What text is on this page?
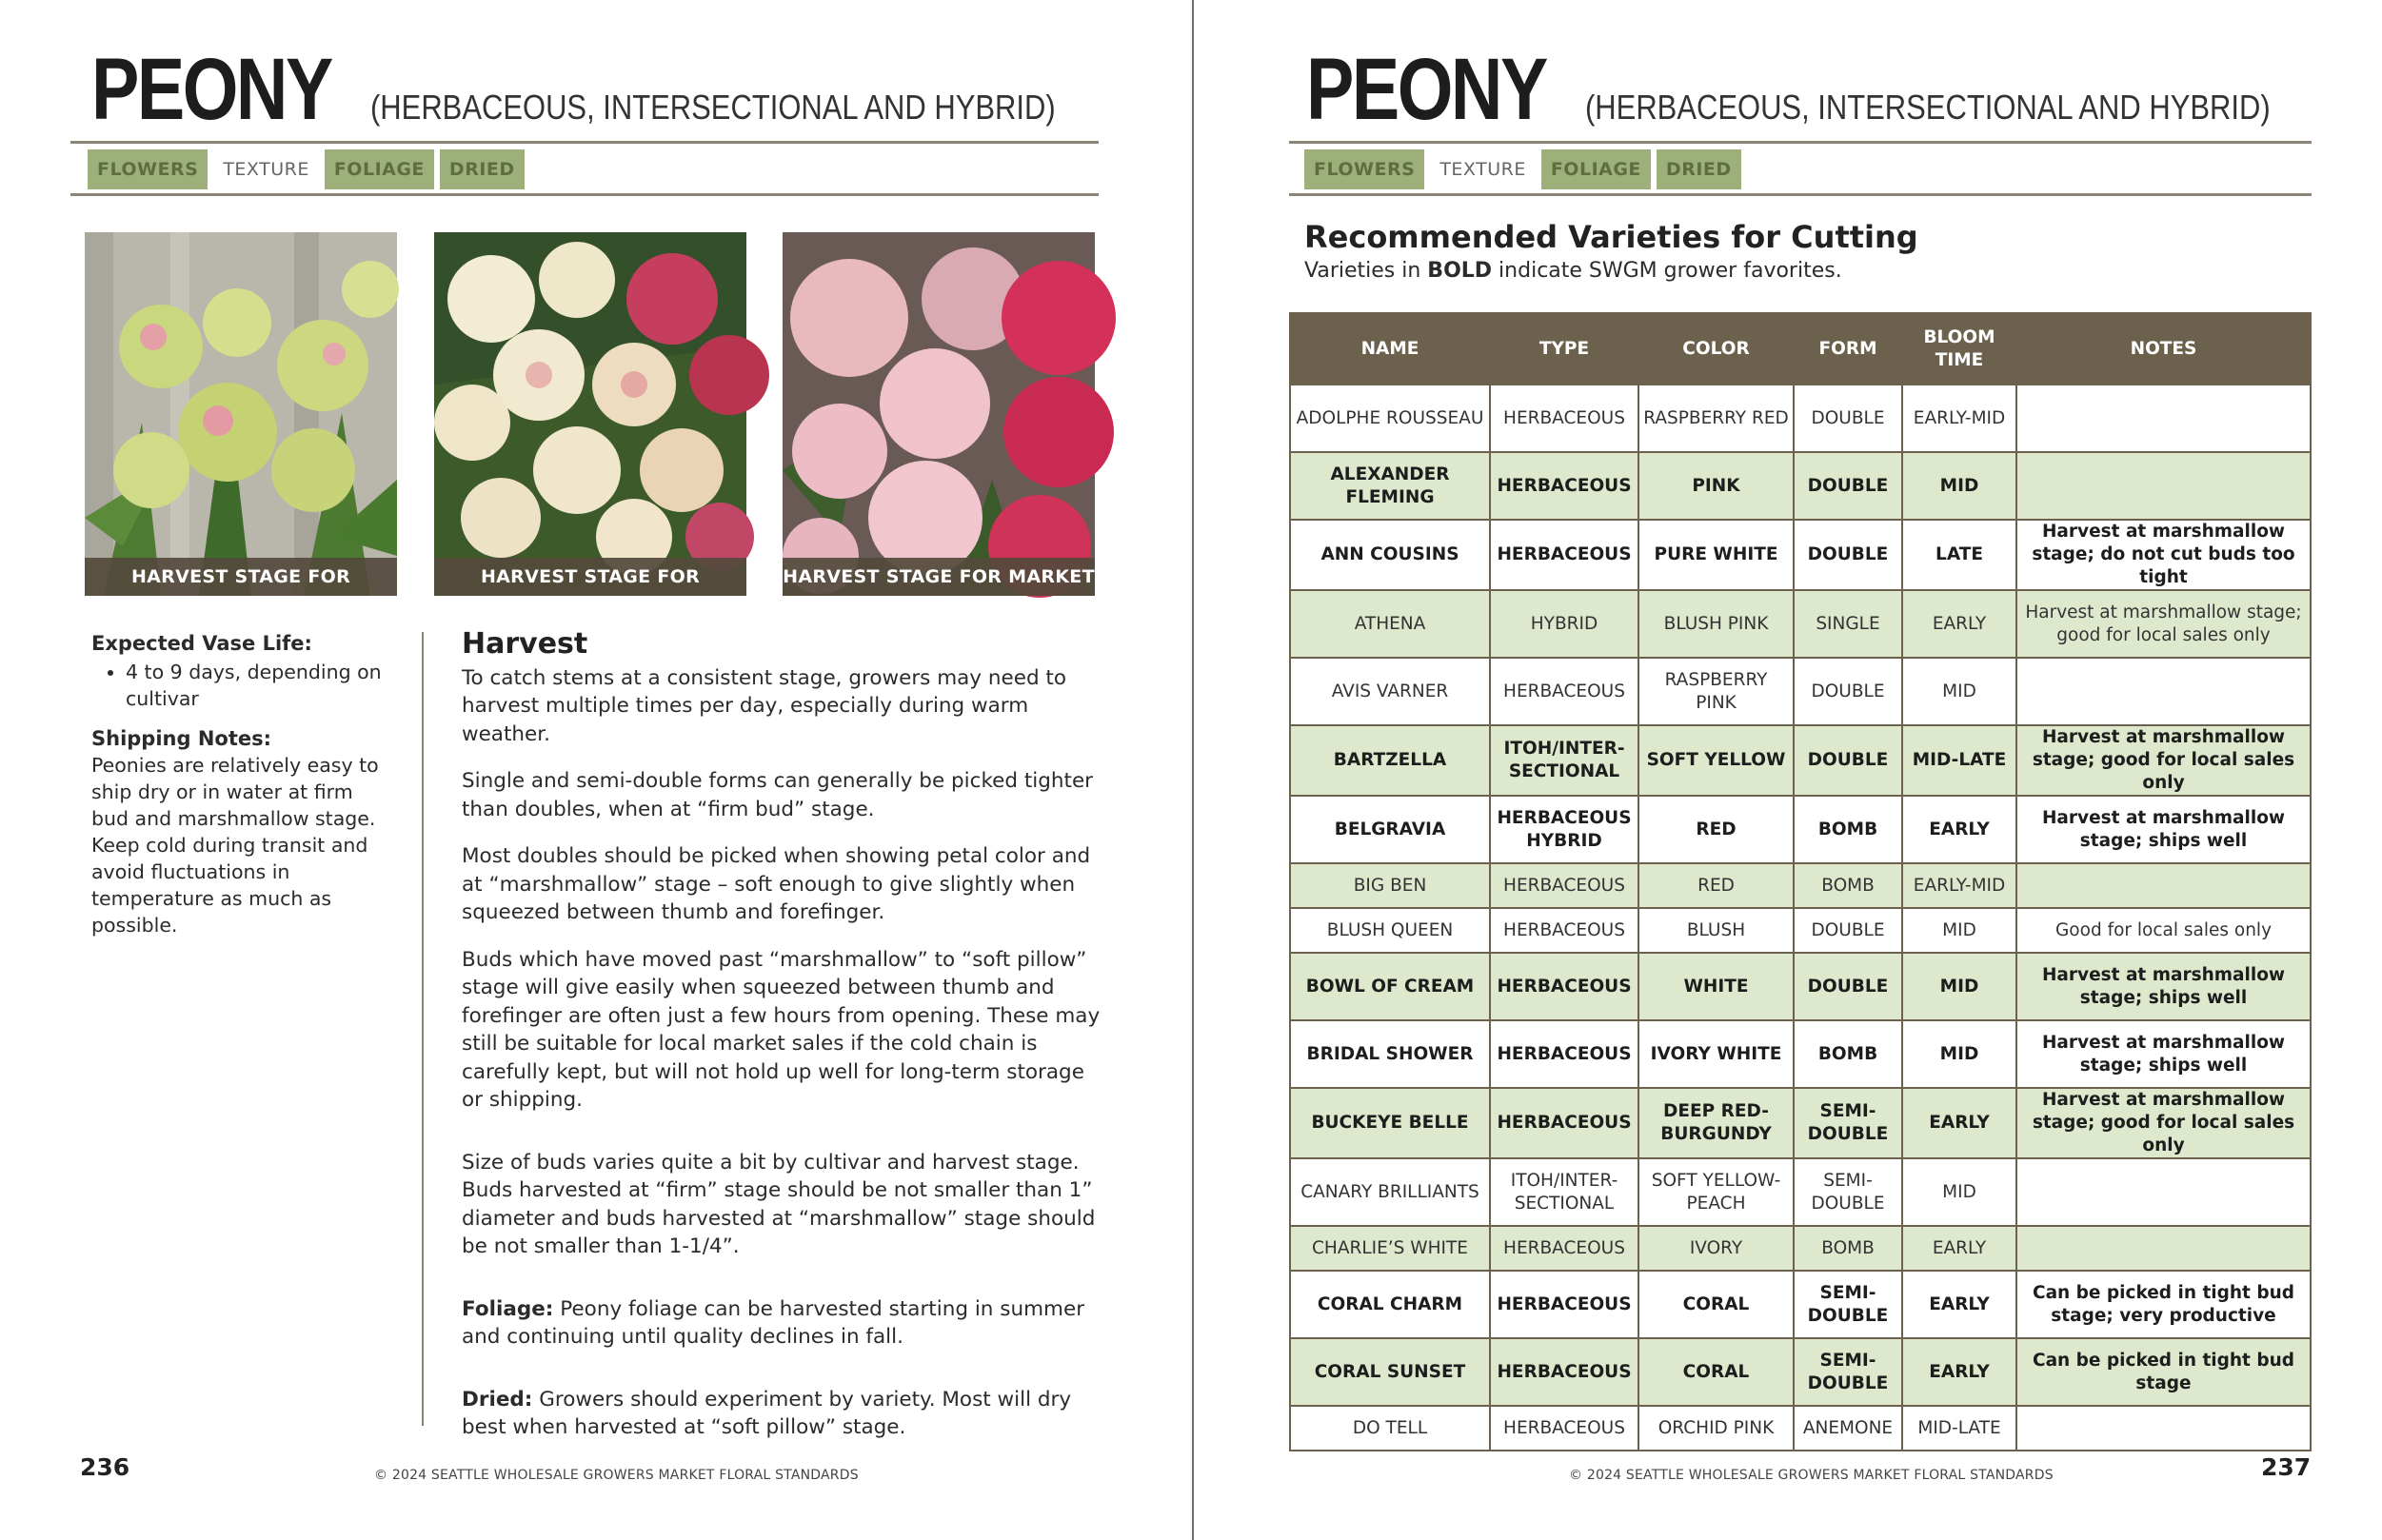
PEONY (HERBACEOUS, INTERSECTIONAL AND HYBRID)
FLOWERS	TEXTURE	FOLIAGE	DRIED
HARVEST STAGE FOR SHIPPING
HARVEST STAGE FOR GROCERY
HARVEST STAGE FOR MARKET
Expected Vase Life:
• 4 to 9 days, depending on cultivar
Shipping Notes:

Peonies are relatively easy to ship dry or in water at firm bud and marshmallow stage. Keep cold during transit and avoid fluctuations in temperature as much as possible.

Harvest

To catch stems at a consistent stage, growers may need to harvest multiple times per day, especially during warm weather.

Single and semi-double forms can generally be picked tighter than doubles, when at “firm bud” stage.

Most doubles should be picked when showing petal color and at “marshmallow” stage – soft enough to give slightly when squeezed between thumb and forefinger.

Buds which have moved past “marshmallow” to “soft pillow” stage will give easily when squeezed between thumb and forefinger are often just a few hours from opening. These may still be suitable for local market sales if the cold chain is carefully kept, but will not hold up well for long-term storage or shipping.

Size of buds varies quite a bit by cultivar and harvest stage. Buds harvested at “firm” stage should be not smaller than 1” diameter and buds harvested at “marshmallow” stage should be not smaller than 1-1/4”.

Foliage: Peony foliage can be harvested starting in summer and continuing until quality declines in fall.

Dried: Growers should experiment by variety. Most will dry best when harvested at “soft pillow” stage.

236	© 2024 SEATTLE WHOLESALE GROWERS MARKET FLORAL STANDARDS
PEONY (HERBACEOUS, INTERSECTIONAL AND HYBRID)
FLOWERS	TEXTURE	FOLIAGE	DRIED
Recommended Varieties for Cutting
Varieties in BOLD indicate SWGM grower favorites.
NAME	TYPE	COLOR	FORM	BLOOM TIME	NOTES
ADOLPHE ROUSSEAU	HERBACEOUS	RASPBERRY RED	DOUBLE	EARLY-MID	
ALEXANDER FLEMING	HERBACEOUS	PINK	DOUBLE	MID	
ANN COUSINS	HERBACEOUS	PURE WHITE	DOUBLE	LATE	Harvest at marshmallow stage; do not cut buds too tight
ATHENA	HYBRID	BLUSH PINK	SINGLE	EARLY	Harvest at marshmallow stage; good for local sales only
AVIS VARNER	HERBACEOUS	RASPBERRY PINK	DOUBLE	MID	
BARTZELLA	ITOH/INTER-SECTIONAL	SOFT YELLOW	DOUBLE	MID-LATE	Harvest at marshmallow stage; good for local sales only
BELGRAVIA	HERBACEOUS HYBRID	RED	BOMB	EARLY	Harvest at marshmallow stage; ships well
BIG BEN	HERBACEOUS	RED	BOMB	EARLY-MID	
BLUSH QUEEN	HERBACEOUS	BLUSH	DOUBLE	MID	Good for local sales only
BOWL OF CREAM	HERBACEOUS	WHITE	DOUBLE	MID	Harvest at marshmallow stage; ships well
BRIDAL SHOWER	HERBACEOUS	IVORY WHITE	BOMB	MID	Harvest at marshmallow stage; ships well
BUCKEYE BELLE	HERBACEOUS	DEEP RED-BURGUNDY	SEMI-DOUBLE	EARLY	Harvest at marshmallow stage; good for local sales only
CANARY BRILLIANTS	ITOH/INTER-SECTIONAL	SOFT YELLOW-PEACH	SEMI-DOUBLE	MID	
CHARLIE’S WHITE	HERBACEOUS	IVORY	BOMB	EARLY	
CORAL CHARM	HERBACEOUS	CORAL	SEMI-DOUBLE	EARLY	Can be picked in tight bud stage; very productive
CORAL SUNSET	HERBACEOUS	CORAL	SEMI-DOUBLE	EARLY	Can be picked in tight bud stage
DO TELL	HERBACEOUS	ORCHID PINK	ANEMONE	MID-LATE	
237
© 2024 SEATTLE WHOLESALE GROWERS MARKET FLORAL STANDARDS
